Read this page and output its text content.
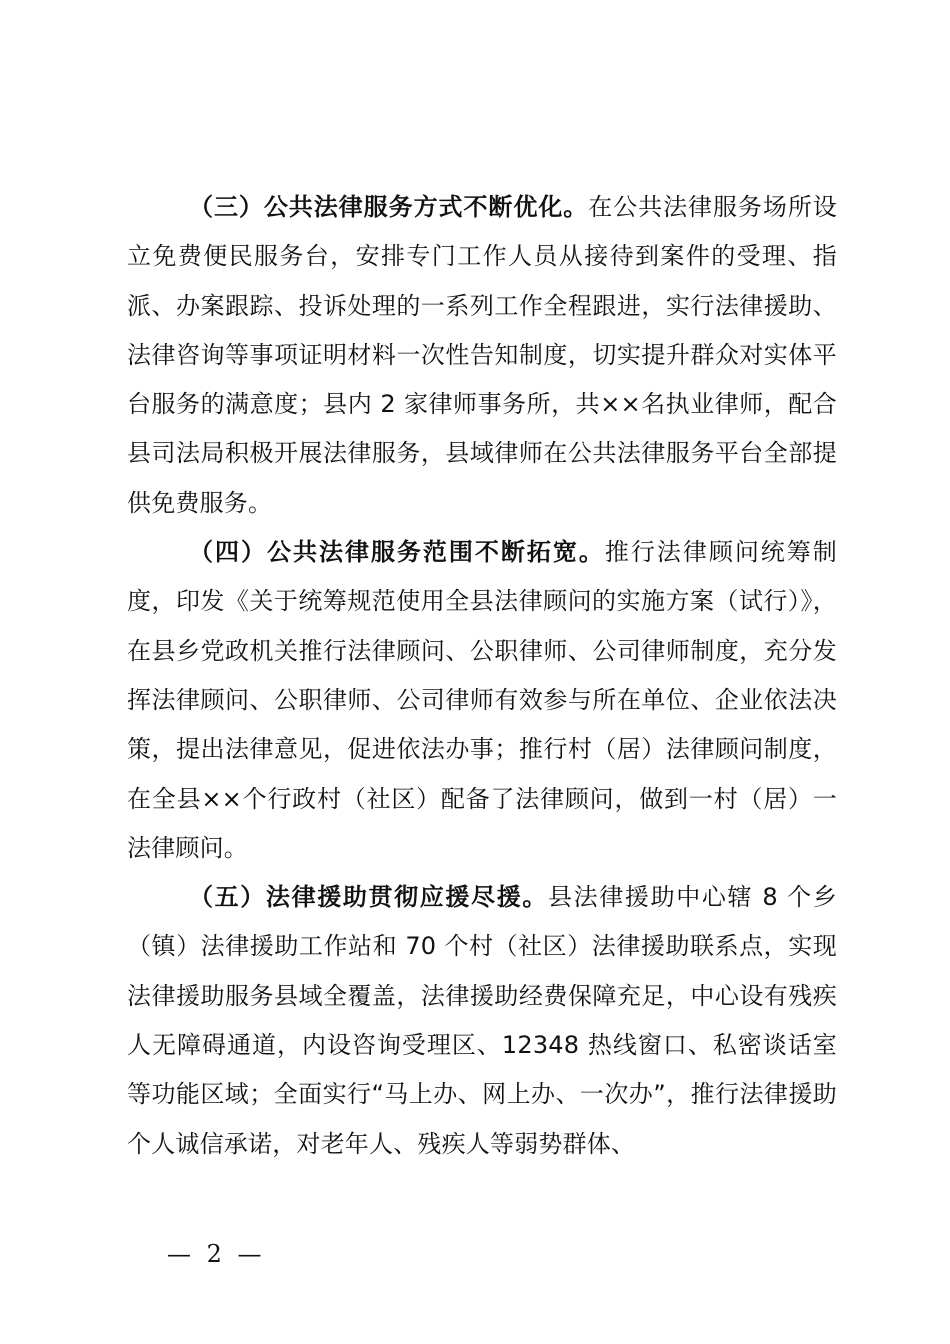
（三）公共法律服务方式不断优化。在公共法律服务场所设立免费便民服务台，安排专门工作人员从接待到案件的受理、指派、办案跟踪、投诉处理的一系列工作全程跟进，实行法律援助、法律咨询等事项证明材料一次性告知制度，切实提升群众对实体平台服务的满意度；县内 2 家律师事务所，共××名执业律师，配合县司法局积极开展法律服务，县域律师在公共法律服务平台全部提供免费服务。

（四）公共法律服务范围不断拓宽。推行法律顾问统筹制度，印发《关于统筹规范使用全县法律顾问的实施方案（试行）》，在县乡党政机关推行法律顾问、公职律师、公司律师制度，充分发挥法律顾问、公职律师、公司律师有效参与所在单位、企业依法决策，提出法律意见，促进依法办事；推行村（居）法律顾问制度，在全县××个行政村（社区）配备了法律顾问，做到一村（居）一法律顾问。

（五）法律援助贯彻应援尽援。县法律援助中心辖 8 个乡（镇）法律援助工作站和 70 个村（社区）法律援助联系点，实现法律援助服务县域全覆盖，法律援助经费保障充足，中心设有残疾人无障碍通道，内设咨询受理区、12348 热线窗口、私密谈话室等功能区域；全面实行“马上办、网上办、一次办”，推行法律援助个人诚信承诺，对老年人、残疾人等弱势群体、

— 2 —
